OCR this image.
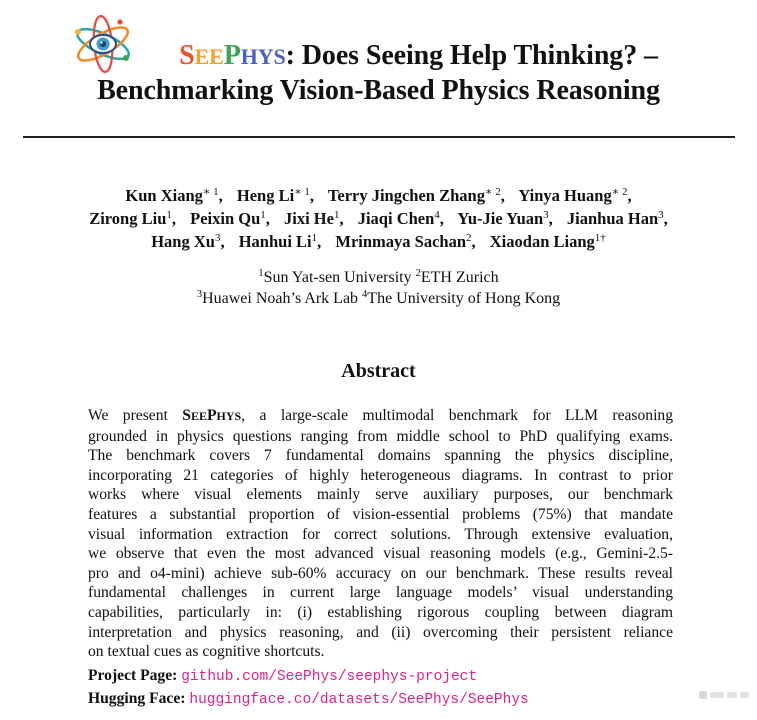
SEEPHYS: Does Seeing Help Thinking? –
Benchmarking Vision-Based Physics Reasoning
Kun Xiang$^{∗ 1}$, Heng $Li^{∗ 1}$, Terry Jingchen Zhang$^{∗ 2}$, Yinya Huang$^{∗ 2}$,
Zirong Liu$^1$, Peixin Qu$^1$, Jixi He$^1$, Jiaqi Chen$^4$, Yu-Jie Yuan$^3$, Jianhua Han$^3$,
Hang Xu$^3$, Hanhui Li$^1$, Mrinmaya Sachan$^2$, Xiaodan Liang$^{1\dagger}$
$^1$Sun Yat-sen University $^2$ETH Zurich
$^3$Huawei Noah’s Ark Lab $^4$The University of Hong Kong
Abstract
We present SEEPHYS, a large-scale multimodal benchmark for LLM reasoning
grounded in physics questions ranging from middle school to PhD qualifying exams.
The benchmark covers 7 fundamental domains spanning the physics discipline,
incorporating 21 categories of highly heterogeneous diagrams. In contrast to prior
works where visual elements mainly serve auxiliary purposes, our benchmark
features a substantial proportion of vision-essential problems (75%) that mandate
visual information extraction for correct solutions. Through extensive evaluation,
we observe that even the most advanced visual reasoning models (e.g., Gemini-2.5-
pro and o4-mini) achieve sub-60% accuracy on our benchmark. These results reveal
fundamental challenges in current large language models’ visual understanding
capabilities, particularly in: (i) establishing rigorous coupling between diagram
interpretation and physics reasoning, and (ii) overcoming their persistent reliance
on textual cues as cognitive shortcuts.
Project Page: github.com/SeePhys/seephys-project
Hugging Face: huggingface.co/datasets/SeePhys/SeePhys
